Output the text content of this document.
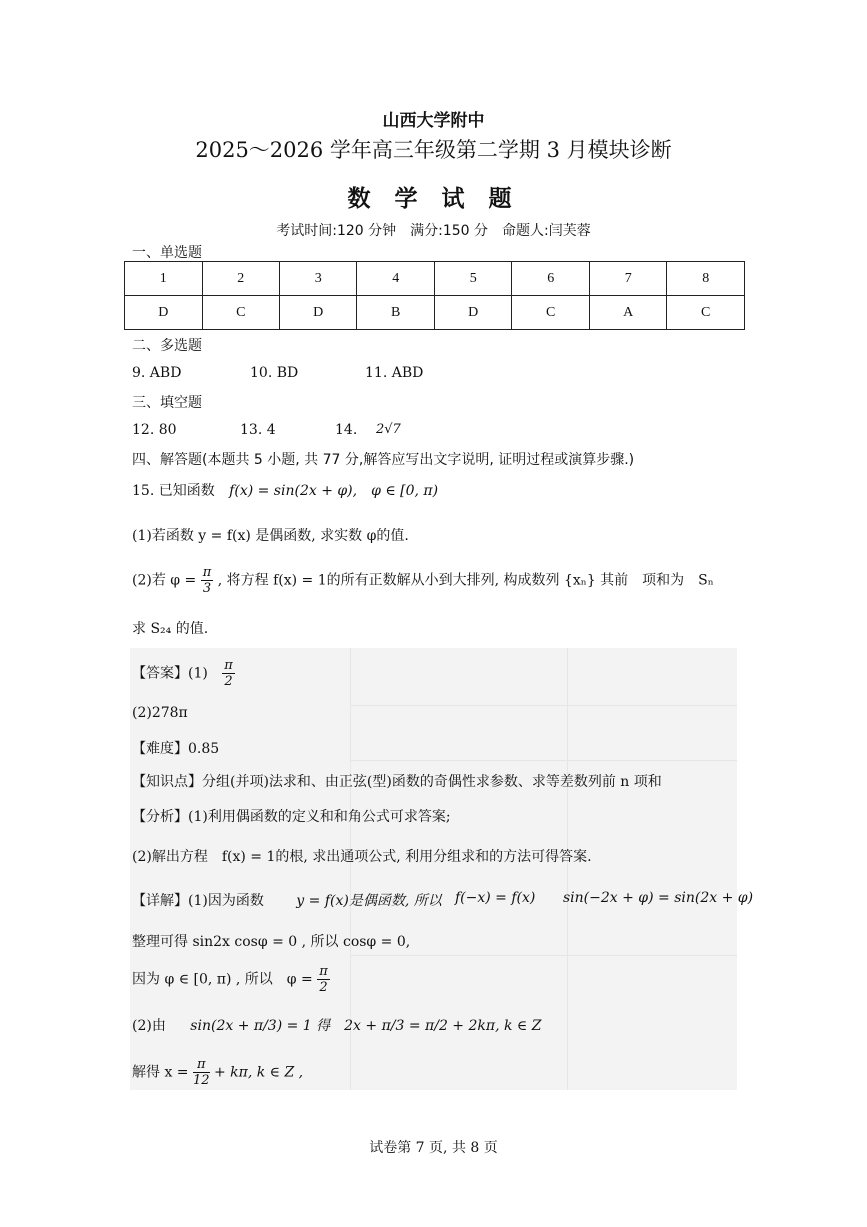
山西大学附中
2025～2026 学年高三年级第二学期 3 月模块诊断
数 学 试 题
考试时间:120 分钟　满分:150 分　命题人:闫芙蓉
一、单选题
1	2	3	4	5	6	7	8
D	C	D	B	D	C	A	C
二、多选题
9. ABD	10. BD	11. ABD
三、填空题
12. 80	13. 4	14. 2√7
四、解答题(本题共 5 小题, 共 77 分,解答应写出文字说明, 证明过程或演算步骤.)
15. 已知函数 f(x) = sin(2x + φ),　φ ∈ [0, π)
(1)若函数 y = f(x) 是偶函数, 求实数 φ的值.
(2)若 $\varphi = \frac{\pi}{3}$ , 将方程 f(x) = 1的所有正数解从小到大排列, 构成数列 {xₙ} 其前　项和为　Sₙ
求 S₂₄ 的值.
【答案】$(1) \frac{\pi}{2}$
(2)278π
【难度】0.85
【知识点】分组(并项)法求和、由正弦(型)函数的奇偶性求参数、求等差数列前 n 项和
【分析】(1)利用偶函数的定义和和角公式可求答案;
(2)解出方程　f(x) = 1的根, 求出通项公式, 利用分组求和的方法可得答案.
【详解】(1)因为函数 y = f(x)是偶函数, 所以 f(−x) = f(x) sin(−2x + φ) = sin(2x + φ)
整理可得 sin2x cosφ = 0 , 所以 cosφ = 0,
因为 φ ∈ [0, π) , 所以　$\varphi = \frac{\pi}{2}$
(2)由 sin(2x + π/3) = 1 得　2x + π/3 = π/2 + 2kπ, k ∈ Z
解得 $x = \frac{\pi}{12} + k\pi$, k ∈ Z ,
试卷第 7 页, 共 8 页
